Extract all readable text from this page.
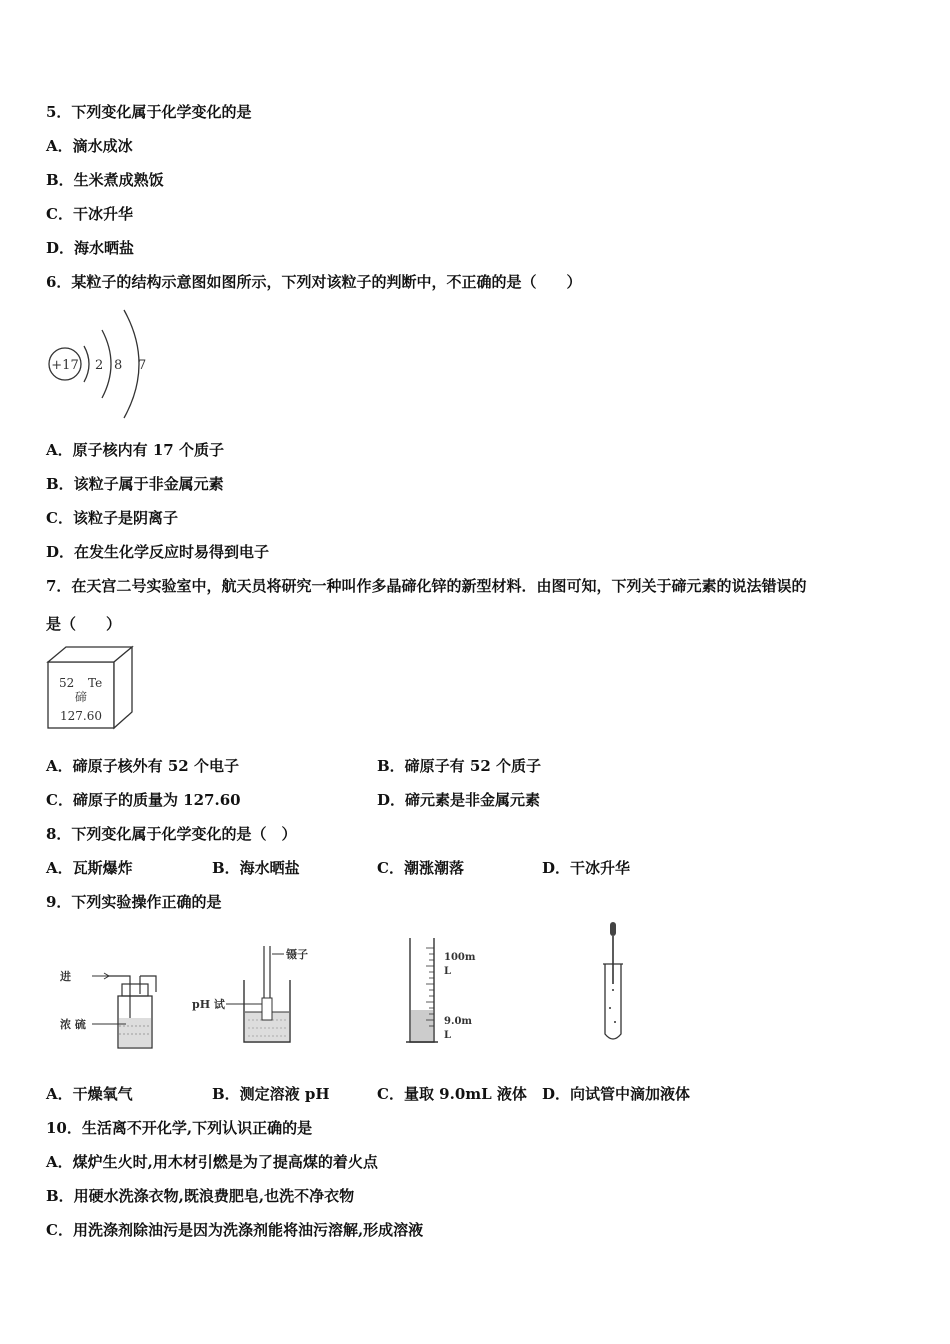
5．下列变化属于化学变化的是
A．滴水成冰
B．生米煮成熟饭
C．干冰升华
D．海水晒盐
6．某粒子的结构示意图如图所示，下列对该粒子的判断中，不正确的是（　　）
+17 2 8 7
A．原子核内有 17 个质子
B．该粒子属于非金属元素
C．该粒子是阴离子
D．在发生化学反应时易得到电子
7．在天宫二号实验室中，航天员将研究一种叫作多晶碲化锌的新型材料．由图可知，下列关于碲元素的说法错误的
是（　　）
52 Te
碲
127.60
A．碲原子核外有 52 个电子	B．碲原子有 52 个质子
C．碲原子的质量为 127.60	D．碲元素是非金属元素
8．下列变化属于化学变化的是（　）
A．瓦斯爆炸	B．海水晒盐	C．潮涨潮落	D．干冰升华
9．下列实验操作正确的是
进
浓 硫
pH 试
镊子	100m
L
9.0m
L
A．干燥氧气	B．测定溶液 pH	C．量取 9.0mL 液体 D．向试管中滴加液体
10．生活离不开化学,下列认识正确的是
A．煤炉生火时,用木材引燃是为了提高煤的着火点
B．用硬水洗涤衣物,既浪费肥皂,也洗不净衣物
C．用洗涤剂除油污是因为洗涤剂能将油污溶解,形成溶液
